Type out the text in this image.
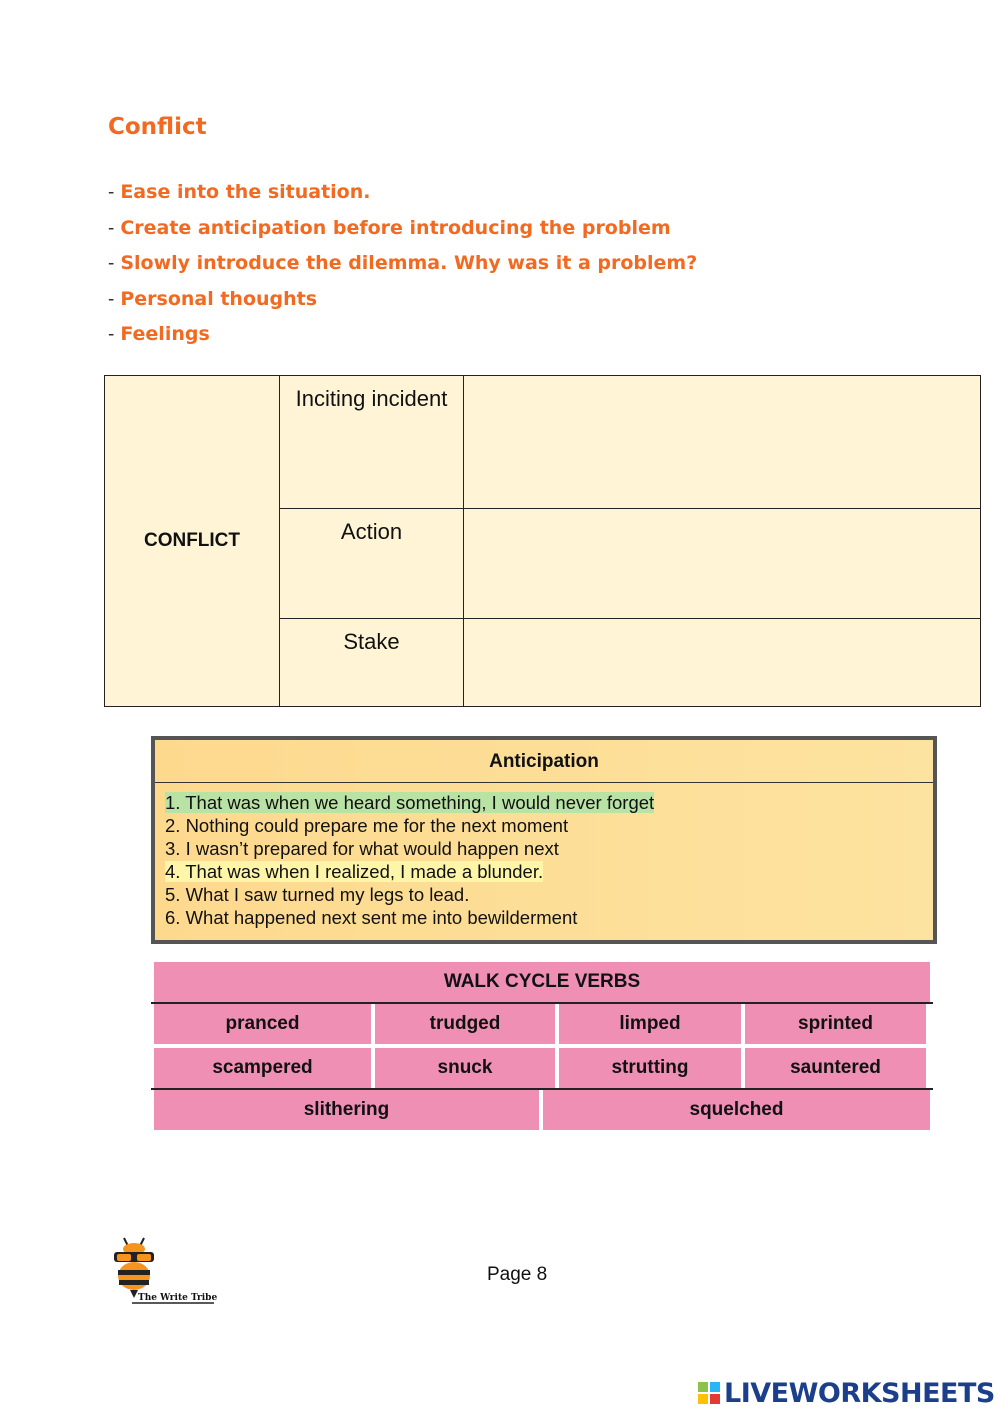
Conflict
- Ease into the situation.
- Create anticipation before introducing the problem
- Slowly introduce the dilemma. Why was it a problem?
- Personal thoughts
- Feelings
CONFLICT	Inciting incident	
	Action	
	Stake	
Anticipation
1. That was when we heard something, I would never forget
2. Nothing could prepare me for the next moment
3. I wasn’t prepared for what would happen next
4. That was when I realized, I made a blunder.
5. What I saw turned my legs to lead.
6. What happened next sent me into bewilderment
WALK CYCLE VERBS
pranced	trudged	limped	sprinted
scampered	snuck	strutting	sauntered
slithering	squelched
The Write Tribe
Page 8
LIVEWORKSHEETS
